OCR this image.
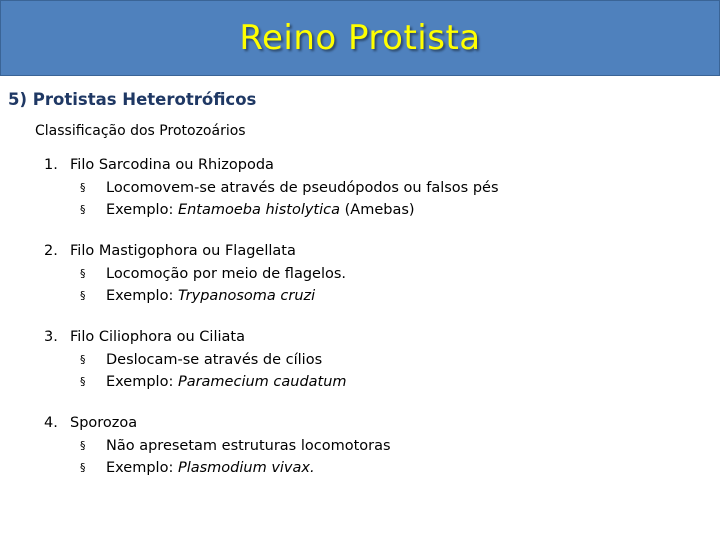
Reino Protista
5) Protistas Heterotróficos
Classificação dos Protozoários
1. Filo Sarcodina ou Rhizopoda
§ Locomovem-se através de pseudópodos ou falsos pés
§ Exemplo: Entamoeba histolytica (Amebas)
2. Filo Mastigophora ou Flagellata
§ Locomoção por meio de flagelos.
§ Exemplo: Trypanosoma cruzi
3. Filo Ciliophora ou Ciliata
§ Deslocam-se através de cílios
§ Exemplo: Paramecium caudatum
4. Sporozoa
§ Não apresetam estruturas locomotoras
§ Exemplo: Plasmodium vivax.
